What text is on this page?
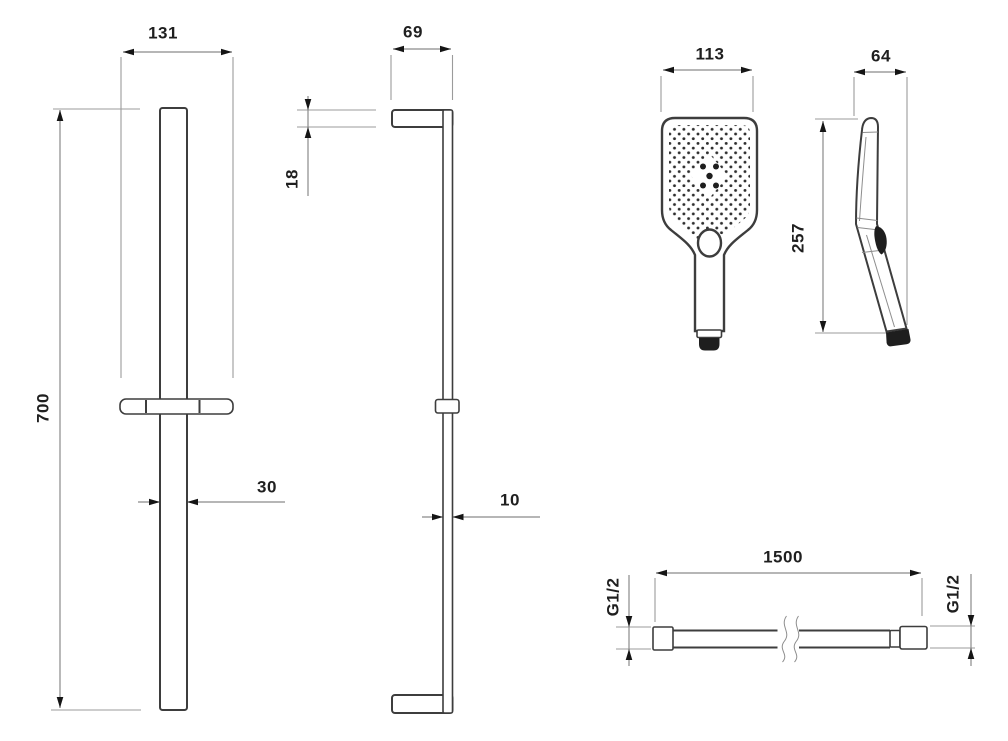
131
700
30
69
18
10
113	64
257
1500
G1/2	G1/2
